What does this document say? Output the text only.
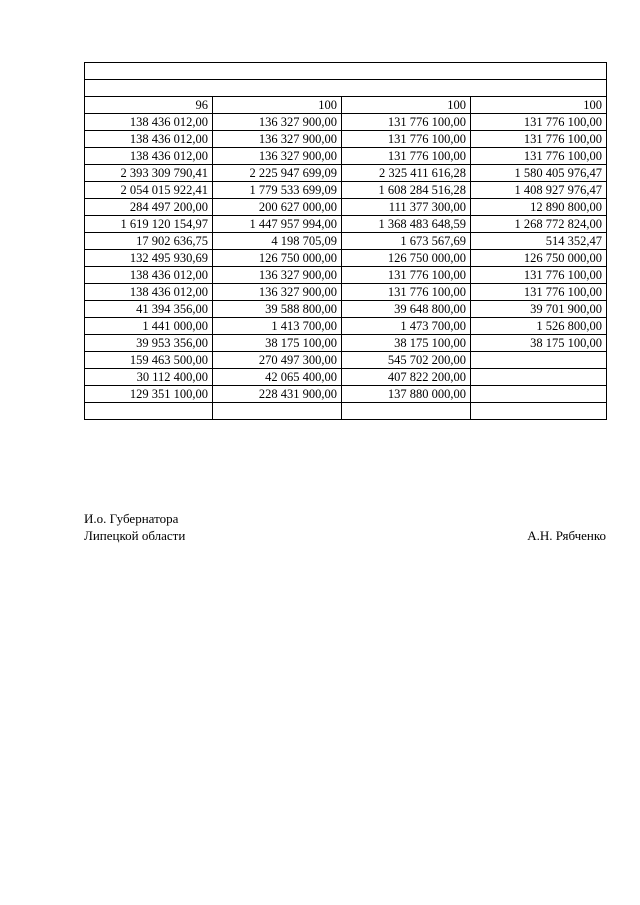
96	100	100	100
138 436 012,00	136 327 900,00	131 776 100,00	131 776 100,00
138 436 012,00	136 327 900,00	131 776 100,00	131 776 100,00
138 436 012,00	136 327 900,00	131 776 100,00	131 776 100,00
2 393 309 790,41	2 225 947 699,09	2 325 411 616,28	1 580 405 976,47
2 054 015 922,41	1 779 533 699,09	1 608 284 516,28	1 408 927 976,47
284 497 200,00	200 627 000,00	111 377 300,00	12 890 800,00
1 619 120 154,97	1 447 957 994,00	1 368 483 648,59	1 268 772 824,00
17 902 636,75	4 198 705,09	1 673 567,69	514 352,47
132 495 930,69	126 750 000,00	126 750 000,00	126 750 000,00
138 436 012,00	136 327 900,00	131 776 100,00	131 776 100,00
138 436 012,00	136 327 900,00	131 776 100,00	131 776 100,00
41 394 356,00	39 588 800,00	39 648 800,00	39 701 900,00
1 441 000,00	1 413 700,00	1 473 700,00	1 526 800,00
39 953 356,00	38 175 100,00	38 175 100,00	38 175 100,00
159 463 500,00	270 497 300,00	545 702 200,00	
30 112 400,00	42 065 400,00	407 822 200,00	
129 351 100,00	228 431 900,00	137 880 000,00	

И.о. Губернатора
Липецкой области	А.Н. Рябченко
